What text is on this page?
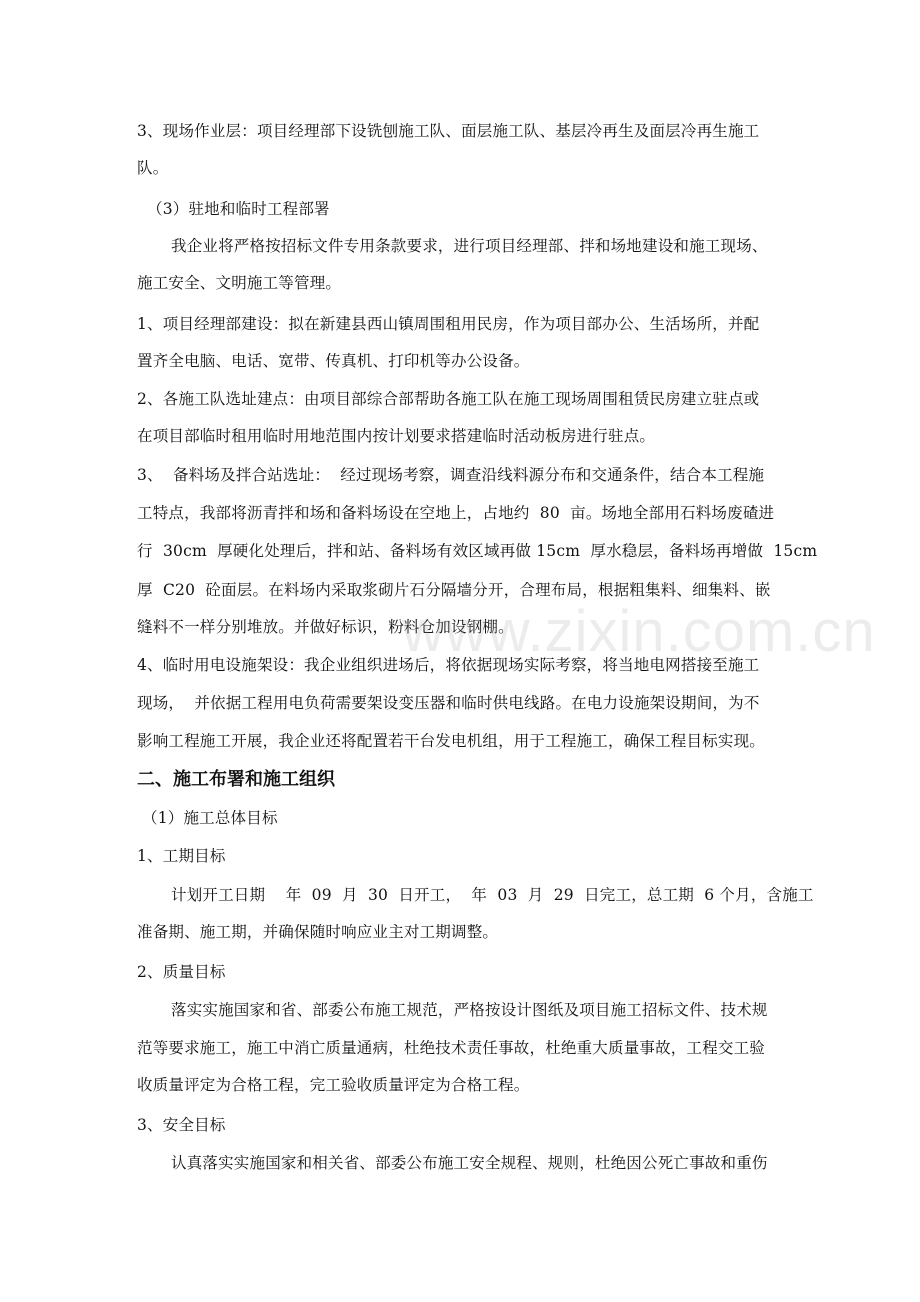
3、现场作业层：项目经理部下设铣刨施工队、面层施工队、基层冷再生及面层冷再生施工

队。

（3）驻地和临时工程部署

我企业将严格按招标文件专用条款要求，进行项目经理部、拌和场地建设和施工现场、

施工安全、文明施工等管理。

1、项目经理部建设：拟在新建县西山镇周围租用民房，作为项目部办公、生活场所，并配

置齐全电脑、电话、宽带、传真机、打印机等办公设备。

2、各施工队选址建点：由项目部综合部帮助各施工队在施工现场周围租赁民房建立驻点或

在项目部临时租用临时用地范围内按计划要求搭建临时活动板房进行驻点。

3、  备料场及拌合站选址：  经过现场考察，调查沿线料源分布和交通条件，结合本工程施

工特点，我部将沥青拌和场和备料场设在空地上，占地约  80  亩。场地全部用石料场废碴进

行  30cm  厚硬化处理后，拌和站、备料场有效区域再做 15cm  厚水稳层，备料场再增做  15cm

厚  C20  砼面层。在料场内采取浆砌片石分隔墙分开，合理布局，根据粗集料、细集料、嵌

缝料不一样分别堆放。并做好标识，粉料仓加设钢棚。

4、临时用电设施架设：我企业组织进场后，将依据现场实际考察，将当地电网搭接至施工

现场，  并依据工程用电负荷需要架设变压器和临时供电线路。在电力设施架设期间，为不

影响工程施工开展，我企业还将配置若干台发电机组，用于工程施工，确保工程目标实现。

二、施工布署和施工组织

（1）施工总体目标

1、工期目标

计划开工日期    年  09  月  30  日开工，  年  03  月  29  日完工，总工期  6 个月，含施工

准备期、施工期，并确保随时响应业主对工期调整。

2、质量目标

落实实施国家和省、部委公布施工规范，严格按设计图纸及项目施工招标文件、技术规

范等要求施工，施工中消亡质量通病，杜绝技术责任事故，杜绝重大质量事故，工程交工验

收质量评定为合格工程，完工验收质量评定为合格工程。

3、安全目标

认真落实实施国家和相关省、部委公布施工安全规程、规则，杜绝因公死亡事故和重伤

www.zixin.com.cn
